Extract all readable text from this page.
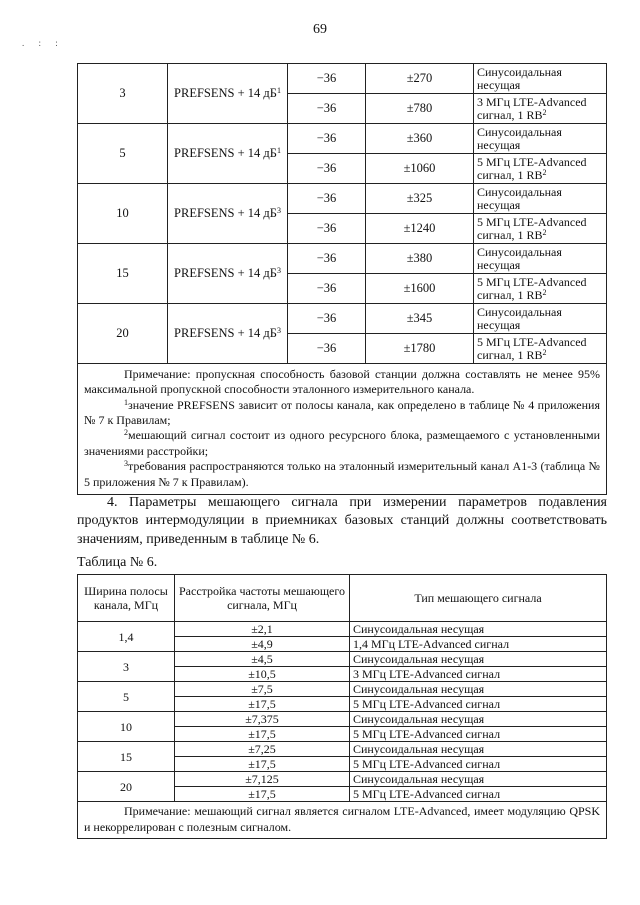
69
. : :
3	PREFSENS + 14 $дБ^1$	−36	±270	Синусоидальная несущая
		−36	±780	3 МГц LTE-Advanced сигнал, 1 $RB^2$
5	PREFSENS + 14 $дБ^1$	−36	±360	Синусоидальная несущая
		−36	±1060	5 МГц LTE-Advanced сигнал, 1 $RB^2$
10	PREFSENS + 14 $дБ^3$	−36	±325	Синусоидальная несущая
		−36	±1240	5 МГц LTE-Advanced сигнал, 1 $RB^2$
15	PREFSENS + 14 $дБ^3$	−36	±380	Синусоидальная несущая
		−36	±1600	5 МГц LTE-Advanced сигнал, 1 $RB^2$
20	PREFSENS + 14 $дБ^3$	−36	±345	Синусоидальная несущая
		−36	±1780	5 МГц LTE-Advanced сигнал, 1 $RB^2$

Примечание: пропускная способность базовой станции должна составлять не менее 95% максимальной пропускной способности эталонного измерительного канала.
$^1$значение PREFSENS зависит от полосы канала, как определено в таблице № 4 приложения № 7 к Правилам;
$^2$мешающий сигнал состоит из одного ресурсного блока, размещаемого с установленными значениями расстройки;
$^3$требования распространяются только на эталонный измерительный канал A1-3 (таблица № 5 приложения № 7 к Правилам).				
4. Параметры мешающего сигнала при измерении параметров подавления продуктов интермодуляции в приемниках базовых станций должны соответствовать значениям, приведенным в таблице № 6.
Таблица № 6.
Ширина полосы канала, МГц	Расстройка частоты мешающего сигнала, МГц	Тип мешающего сигнала
1,4	±2,1	Синусоидальная несущая
	±4,9	1,4 МГц LTE-Advanced сигнал
3	±4,5	Синусоидальная несущая
	±10,5	3 МГц LTE-Advanced сигнал
5	±7,5	Синусоидальная несущая
	±17,5	5 МГц LTE-Advanced сигнал
10	±7,375	Синусоидальная несущая
	±17,5	5 МГц LTE-Advanced сигнал
15	±7,25	Синусоидальная несущая
	±17,5	5 МГц LTE-Advanced сигнал
20	±7,125	Синусоидальная несущая
	±17,5	5 МГц LTE-Advanced сигнал
Примечание: мешающий сигнал является сигналом LTE-Advanced, имеет модуляцию QPSK и некоррелирован с полезным сигналом.		
